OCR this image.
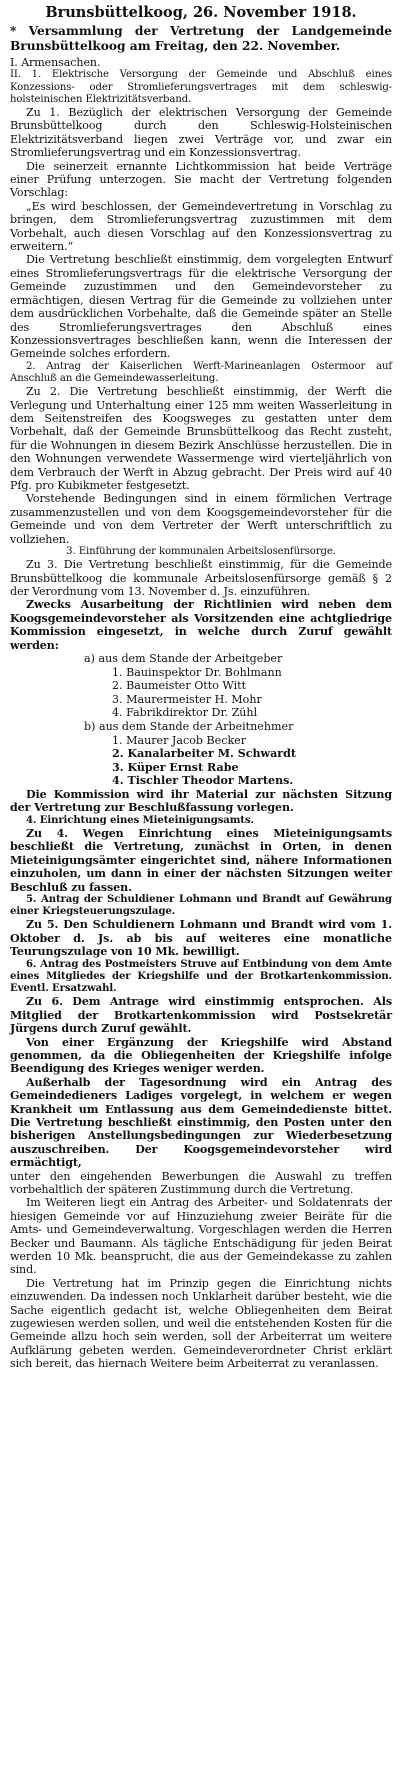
Brunsbüttelkoog, 26. November 1918.
* Versammlung der Vertretung der Landgemeinde Brunsbüttelkoog am Freitag, den 22. November.

I. Armensachen.

II. 1. Elektrische Versorgung der Gemeinde und Abschluß eines Konzessions- oder Stromlieferungsvertrages mit dem schleswig-holsteinischen Elektrizitätsverband.

Zu 1. Bezüglich der elektrischen Versorgung der Gemeinde Brunsbüttelkoog durch den Schleswig-Holsteinischen Elektrizitätsverband liegen zwei Verträge vor, und zwar ein Stromlieferungsvertrag und ein Konzessionsvertrag.

Die seinerzeit ernannte Lichtkommission hat beide Verträge einer Prüfung unterzogen. Sie macht der Vertretung folgenden Vorschlag:

„Es wird beschlossen, der Gemeindevertretung in Vorschlag zu bringen, dem Stromlieferungsvertrag zuzustimmen mit dem Vorbehalt, auch diesen Vorschlag auf den Konzessionsvertrag zu erweitern.“

Die Vertretung beschließt einstimmig, dem vorgelegten Entwurf eines Stromlieferungsvertrags für die elektrische Versorgung der Gemeinde zuzustimmen und den Gemeindevorsteher zu ermächtigen, diesen Vertrag für die Gemeinde zu vollziehen unter dem ausdrücklichen Vorbehalte, daß die Gemeinde später an Stelle des Stromlieferungsvertrages den Abschluß eines Konzessionsvertrages beschließen kann, wenn die Interessen der Gemeinde solches erfordern.

2. Antrag der Kaiserlichen Werft-Marineanlagen Ostermoor auf Anschluß an die Gemeindewasserleitung.

Zu 2. Die Vertretung beschließt einstimmig, der Werft die Verlegung und Unterhaltung einer 125 mm weiten Wasserleitung in dem Seitenstreifen des Koogsweges zu gestatten unter dem Vorbehalt, daß der Gemeinde Brunsbüttelkoog das Recht zusteht, für die Wohnungen in diesem Bezirk Anschlüsse herzustellen. Die in den Wohnungen verwendete Wassermenge wird vierteljährlich von dem Verbrauch der Werft in Abzug gebracht. Der Preis wird auf 40 Pfg. pro Kubikmeter festgesetzt.

Vorstehende Bedingungen sind in einem förmlichen Vertrage zusammenzustellen und von dem Koogsgemeindevorsteher für die Gemeinde und von dem Vertreter der Werft unterschriftlich zu vollziehen.

3. Einführung der kommunalen Arbeitslosenfürsorge.

Zu 3. Die Vertretung beschließt einstimmig, für die Gemeinde Brunsbüttelkoog die kommunale Arbeitslosenfürsorge gemäß § 2 der Verordnung vom 13. November d. Js. einzuführen.

Zwecks Ausarbeitung der Richtlinien wird neben dem Koogsgemeindevorsteher als Vorsitzenden eine achtgliedrige Kommission eingesetzt, in welche durch Zuruf gewählt werden:

a) aus dem Stande der Arbeitgeber
1. Bauinspektor Dr. Bohlmann
2. Baumeister Otto Witt
3. Maurermeister H. Mohr
4. Fabrikdirektor Dr. Zühl
b) aus dem Stande der Arbeitnehmer
1. Maurer Jacob Becker
2. Kanalarbeiter M. Schwardt
3. Küper Ernst Rabe
4. Tischler Theodor Martens.

Die Kommission wird ihr Material zur nächsten Sitzung der Vertretung zur Beschlußfassung vorlegen.

4. Einrichtung eines Mieteinigungsamts.

Zu 4. Wegen Einrichtung eines Mieteinigungsamts beschließt die Vertretung, zunächst in Orten, in denen Mieteinigungsämter eingerichtet sind, nähere Informationen einzuholen, um dann in einer der nächsten Sitzungen weiter Beschluß zu fassen.

5. Antrag der Schuldiener Lohmann und Brandt auf Gewährung einer Kriegsteuerungszulage.

Zu 5. Den Schuldienern Lohmann und Brandt wird vom 1. Oktober d. Js. ab bis auf weiteres eine monatliche Teurungszulage von 10 Mk. bewilligt.

6. Antrag des Postmeisters Struve auf Entbindung von dem Amte eines Mitgliedes der Kriegshilfe und der Brotkartenkommission. Eventl. Ersatzwahl.

Zu 6. Dem Antrage wird einstimmig entsprochen. Als Mitglied der Brotkartenkommission wird Postsekretär Jürgens durch Zuruf gewählt.

Von einer Ergänzung der Kriegshilfe wird Abstand genommen, da die Obliegenheiten der Kriegshilfe infolge Beendigung des Krieges weniger werden.

Außerhalb der Tagesordnung wird ein Antrag des Gemeindedieners Ladiges vorgelegt, in welchem er wegen Krankheit um Entlassung aus dem Gemeindedienste bittet. Die Vertretung beschließt einstimmig, den Posten unter den bisherigen Anstellungsbedingungen zur Wiederbesetzung auszuschreiben. Der Koogsgemeindevorsteher wird ermächtigt,

unter den eingehenden Bewerbungen die Auswahl zu treffen vorbehaltlich der späteren Zustimmung durch die Vertretung.

Im Weiteren liegt ein Antrag des Arbeiter- und Soldatenrats der hiesigen Gemeinde vor auf Hinzuziehung zweier Beiräte für die Amts- und Gemeindeverwaltung. Vorgeschlagen werden die Herren Becker und Baumann. Als tägliche Entschädigung für jeden Beirat werden 10 Mk. beansprucht, die aus der Gemeindekasse zu zahlen sind.

Die Vertretung hat im Prinzip gegen die Einrichtung nichts einzuwenden. Da indessen noch Unklarheit darüber besteht, wie die Sache eigentlich gedacht ist, welche Obliegenheiten dem Beirat zugewiesen werden sollen, und weil die entstehenden Kosten für die Gemeinde allzu hoch sein werden, soll der Arbeiterrat um weitere Aufklärung gebeten werden. Gemeindeverordneter Christ erklärt sich bereit, das hiernach Weitere beim Arbeiterrat zu veranlassen.
